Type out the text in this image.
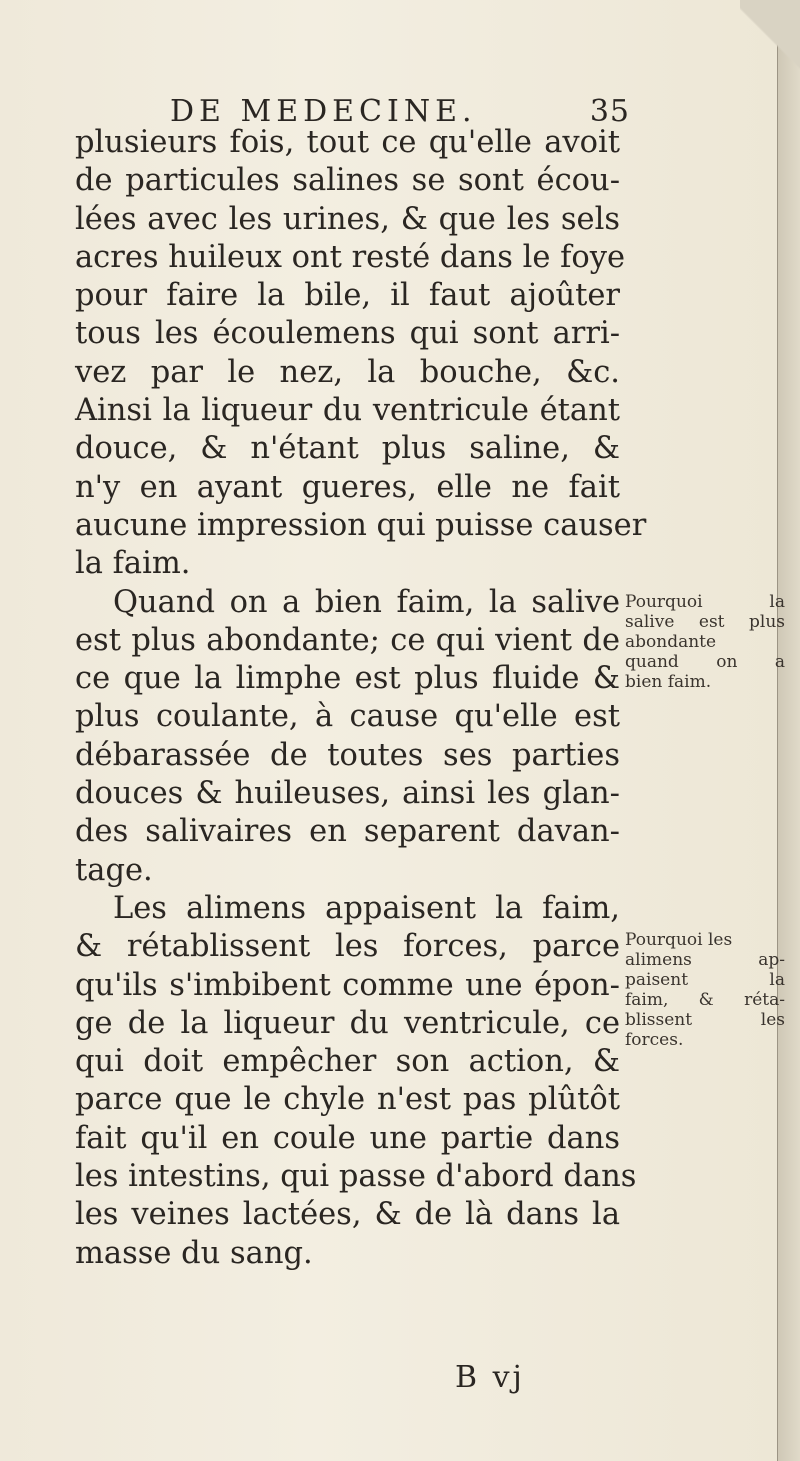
DE MEDECINE.	35
plusieurs fois, tout ce qu'elle avoit
de particules salines se sont écou-
lées avec les urines, & que les sels
acres huileux ont resté dans le foye
pour faire la bile, il faut ajoûter
tous les écoulemens qui sont arri-
vez par le nez, la bouche, &c.
Ainsi la liqueur du ventricule étant
douce, & n'étant plus saline, &
n'y en ayant gueres, elle ne fait
aucune impression qui puisse causer
la faim.
Quand on a bien faim, la salive
est plus abondante; ce qui vient de
ce que la limphe est plus fluide &
plus coulante, à cause qu'elle est
débarassée de toutes ses parties
douces & huileuses, ainsi les glan-
des salivaires en separent davan-
tage.
Les alimens appaisent la faim,
& rétablissent les forces, parce
qu'ils s'imbibent comme une épon-
ge de la liqueur du ventricule, ce
qui doit empêcher son action, &
parce que le chyle n'est pas plûtôt
fait qu'il en coule une partie dans
les intestins, qui passe d'abord dans
les veines lactées, & de là dans la
masse du sang.
Pourquoi la
salive est plus
abondante
quand on a
bien faim.
Pourquoi les
alimens ap-
paisent la
faim, & réta-
blissent les
forces.
B vj
